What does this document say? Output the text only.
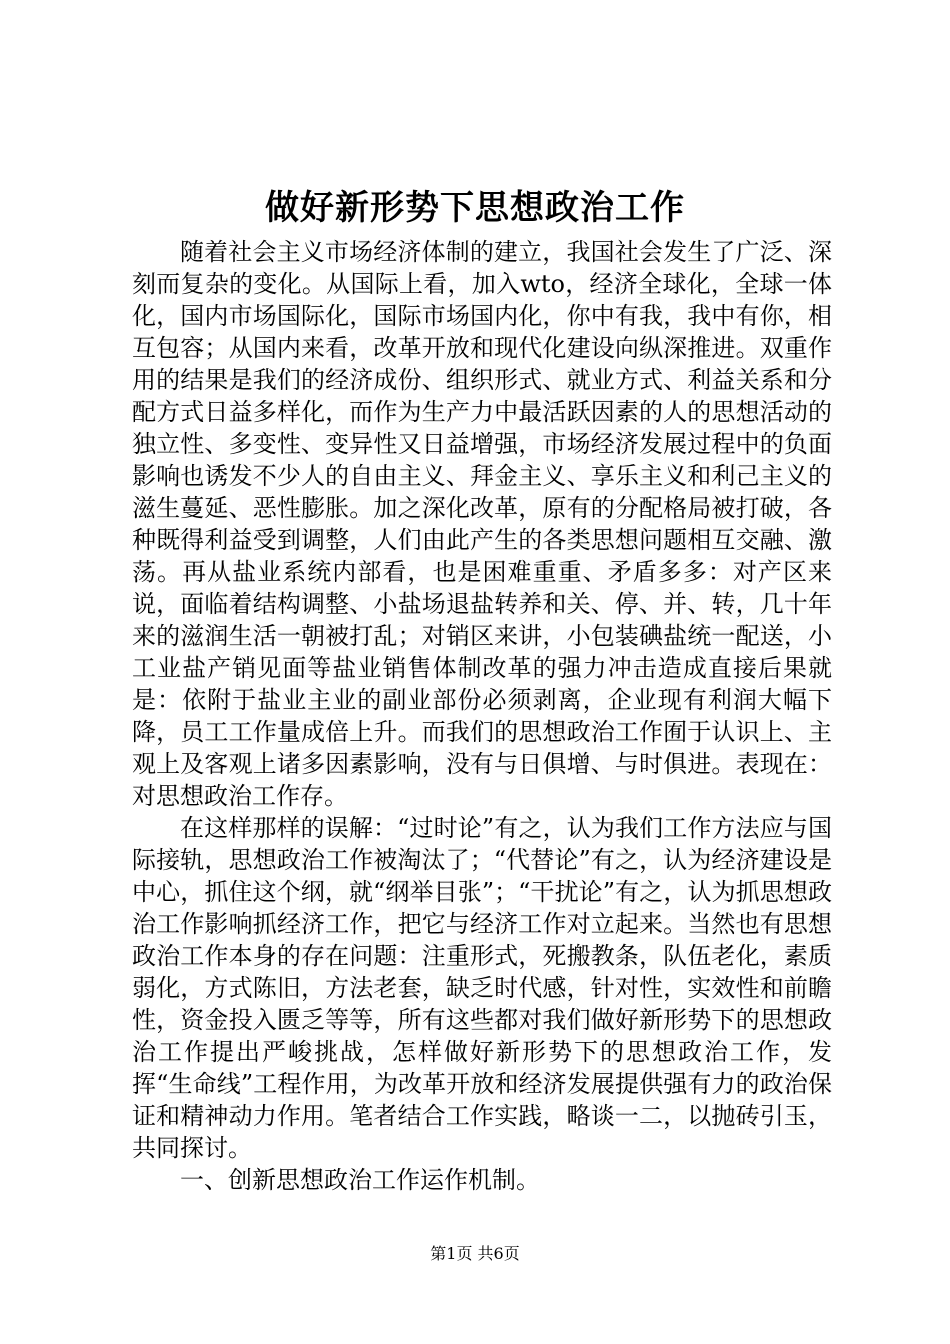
做好新形势下思想政治工作

随着社会主义市场经济体制的建立，我国社会发生了广泛、深刻而复杂的变化。从国际上看，加入wto，经济全球化，全球一体化，国内市场国际化，国际市场国内化，你中有我，我中有你，相互包容；从国内来看，改革开放和现代化建设向纵深推进。双重作用的结果是我们的经济成份、组织形式、就业方式、利益关系和分配方式日益多样化，而作为生产力中最活跃因素的人的思想活动的独立性、多变性、变异性又日益增强，市场经济发展过程中的负面影响也诱发不少人的自由主义、拜金主义、享乐主义和利己主义的滋生蔓延、恶性膨胀。加之深化改革，原有的分配格局被打破，各种既得利益受到调整，人们由此产生的各类思想问题相互交融、激荡。再从盐业系统内部看，也是困难重重、矛盾多多：对产区来说，面临着结构调整、小盐场退盐转养和关、停、并、转，几十年来的滋润生活一朝被打乱；对销区来讲，小包装碘盐统一配送，小工业盐产销见面等盐业销售体制改革的强力冲击造成直接后果就是：依附于盐业主业的副业部份必须剥离，企业现有利润大幅下降，员工工作量成倍上升。而我们的思想政治工作囿于认识上、主观上及客观上诸多因素影响，没有与日俱增、与时俱进。表现在：对思想政治工作存。

在这样那样的误解：“过时论”有之，认为我们工作方法应与国际接轨，思想政治工作被淘汰了；“代替论”有之，认为经济建设是中心，抓住这个纲，就“纲举目张”；“干扰论”有之，认为抓思想政治工作影响抓经济工作，把它与经济工作对立起来。当然也有思想政治工作本身的存在问题：注重形式，死搬教条，队伍老化，素质弱化，方式陈旧，方法老套，缺乏时代感，针对性，实效性和前瞻性，资金投入匮乏等等，所有这些都对我们做好新形势下的思想政治工作提出严峻挑战，怎样做好新形势下的思想政治工作，发挥“生命线”工程作用，为改革开放和经济发展提供强有力的政治保证和精神动力作用。笔者结合工作实践，略谈一二，以抛砖引玉，共同探讨。

一、创新思想政治工作运作机制。

第1页 共6页
